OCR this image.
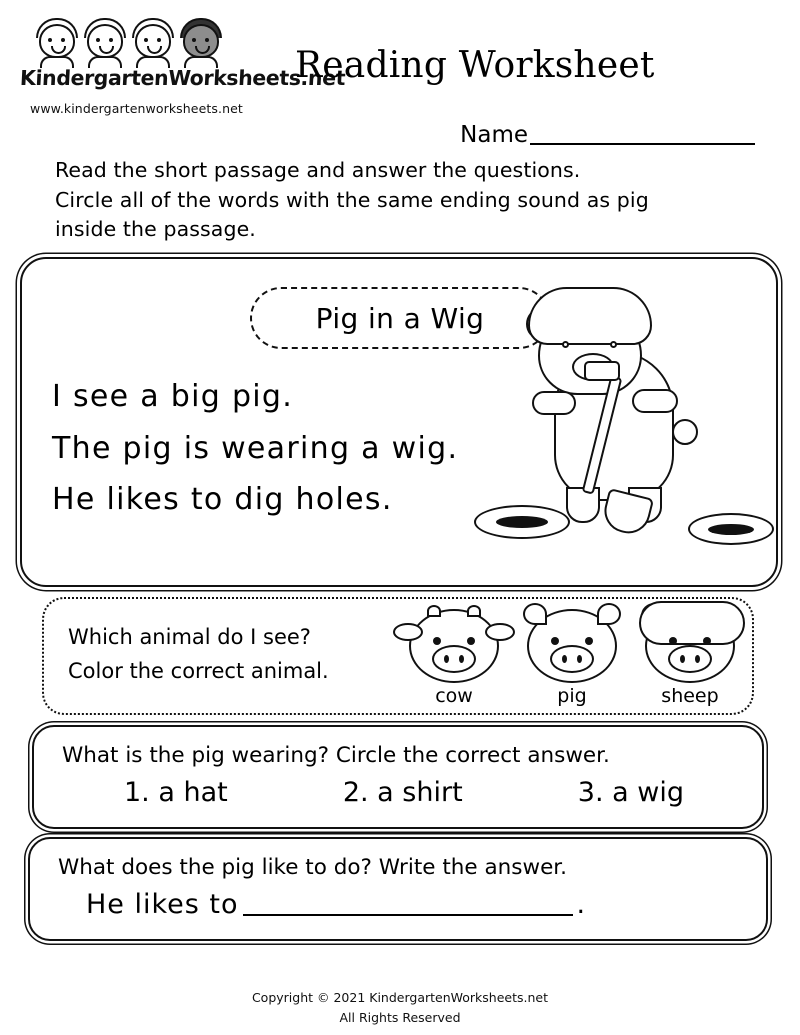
KindergartenWorksheets.net
www.kindergartenworksheets.net
Reading Worksheet
Name
Read the short passage and answer the questions.
Circle all of the words with the same ending sound as pig
inside the passage.
Pig in a Wig
I see a big pig.
The pig is wearing a wig.
He likes to dig holes.
Which animal do I see?
Color the correct animal.
cow	pig	sheep
What is the pig wearing? Circle the correct answer.
1. a hat	2. a shirt	3. a wig
What does the pig like to do? Write the answer.
He likes to	.
Copyright © 2021 KindergartenWorksheets.net
All Rights Reserved
